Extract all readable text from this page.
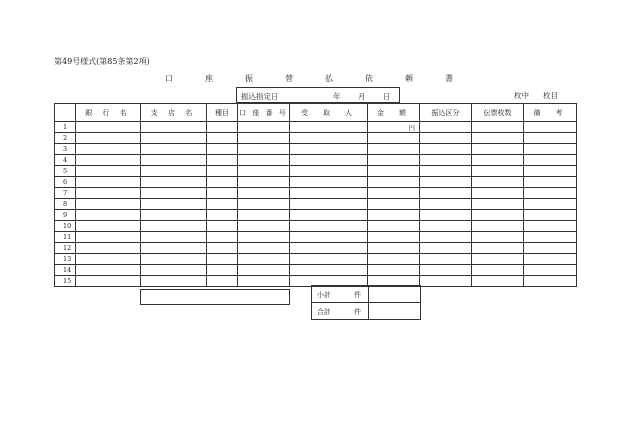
第49号様式(第85条第2項)
口　座　振　替　払　依　頼　書
振込指定日	年 月 日	枚中 枚目
	銀 行 名	支 店 名	種目	口 座 番 号	受　取　人	金　額	振込区分	伝票枚数	備　考
1						円			
2									
3									
4									
5									
6									
7									
8									
9									
10									
11									
12									
13									
14									
15									
小計 件	

合計 件	
